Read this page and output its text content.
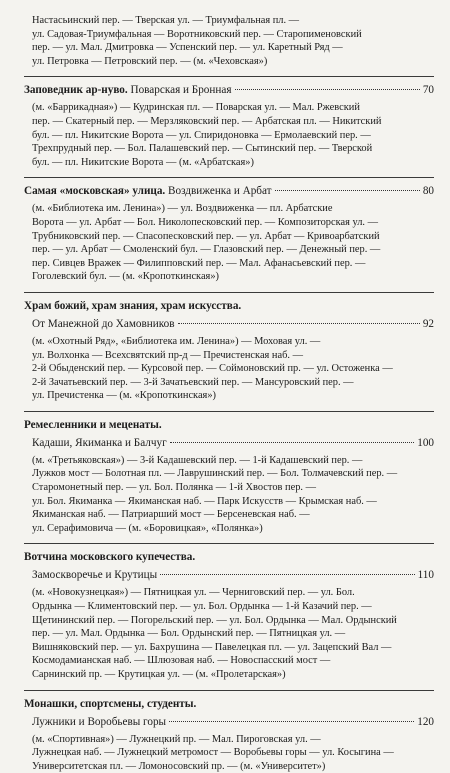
Настасьинский пер. — Тверская ул. — Триумфальная пл. —
ул. Садовая-Триумфальная — Воротниковский пер. — Старопименовский
пер. — ул. Мал. Дмитровка — Успенский пер. — ул. Каретный Ряд —
ул. Петровка — Петровский пер. — (м. «Чеховская»)
Заповедник ар-нуво. Поварская и Бронная	70
(м. «Баррикадная») — Кудринская пл. — Поварская ул. — Мал. Ржевский
пер. — Скатерный пер. — Мерзляковский пер. — Арбатская пл. — Никитский
бул. — пл. Никитские Ворота — ул. Спиридоновка — Ермолаевский пер. —
Трехпрудный пер. — Бол. Палашевский пер. — Сытинский пер. — Тверской
бул. — пл. Никитские Ворота — (м. «Арбатская»)
Самая «московская» улица. Воздвиженка и Арбат	80
(м. «Библиотека им. Ленина») — ул. Воздвиженка — пл. Арбатские
Ворота — ул. Арбат — Бол. Николопесковский пер. — Композиторская ул. —
Трубниковский пер. — Спасопесковский пер. — ул. Арбат — Кривоарбатский
пер. — ул. Арбат — Смоленский бул. — Глазовский пер. — Денежный пер. —
пер. Сивцев Вражек — Филипповский пер. — Мал. Афанасьевский пер. —
Гоголевский бул. — (м. «Кропоткинская»)
Храм божий, храм знания, храм искусства.
От Манежной до Хамовников	92
(м. «Охотный Ряд», «Библиотека им. Ленина») — Моховая ул. —
ул. Волхонка — Всехсвятский пр-д — Пречистенская наб. —
2-й Обыденский пер. — Курсовой пер. — Соймоновский пр. — ул. Остоженка —
2-й Зачатьевский пер. — 3-й Зачатьевский пер. — Мансуровский пер. —
ул. Пречистенка — (м. «Кропоткинская»)
Ремесленники и меценаты.
Кадаши, Якиманка и Балчуг	100
(м. «Третьяковская») — 3-й Кадашевский пер. — 1-й Кадашевский пер. —
Лужков мост — Болотная пл. — Лаврушинский пер. — Бол. Толмачевский пер. —
Старомонетный пер. — ул. Бол. Полянка — 1-й Хвостов пер. —
ул. Бол. Якиманка — Якиманская наб. — Парк Искусств — Крымская наб. —
Якиманская наб. — Патриарший мост — Берсеневская наб. —
ул. Серафимовича — (м. «Боровицкая», «Полянка»)
Вотчина московского купечества.
Замоскворечье и Крутицы	110
(м. «Новокузнецкая») — Пятницкая ул. — Черниговский пер. — ул. Бол.
Ордынка — Климентовский пер. — ул. Бол. Ордынка — 1-й Казачий пер. —
Щетининский пер. — Погорельский пер. — ул. Бол. Ордынка — Мал. Ордынский
пер. — ул. Мал. Ордынка — Бол. Ордынский пер. — Пятницкая ул. —
Вишняковский пер. — ул. Бахрушина — Павелецкая пл. — ул. Зацепский Вал —
Космодамианская наб. — Шлюзовая наб. — Новоспасский мост —
Сарнинский пр. — Крутицкая ул. — (м. «Пролетарская»)
Монашки, спортсмены, студенты.
Лужники и Воробьевы горы	120
(м. «Спортивная») — Лужнецкий пр. — Мал. Пироговская ул. —
Лужнецкая наб. — Лужнецкий метромост — Воробьевы горы — ул. Косыгина —
Университетская пл. — Ломоносовский пр. — (м. «Университет»)
